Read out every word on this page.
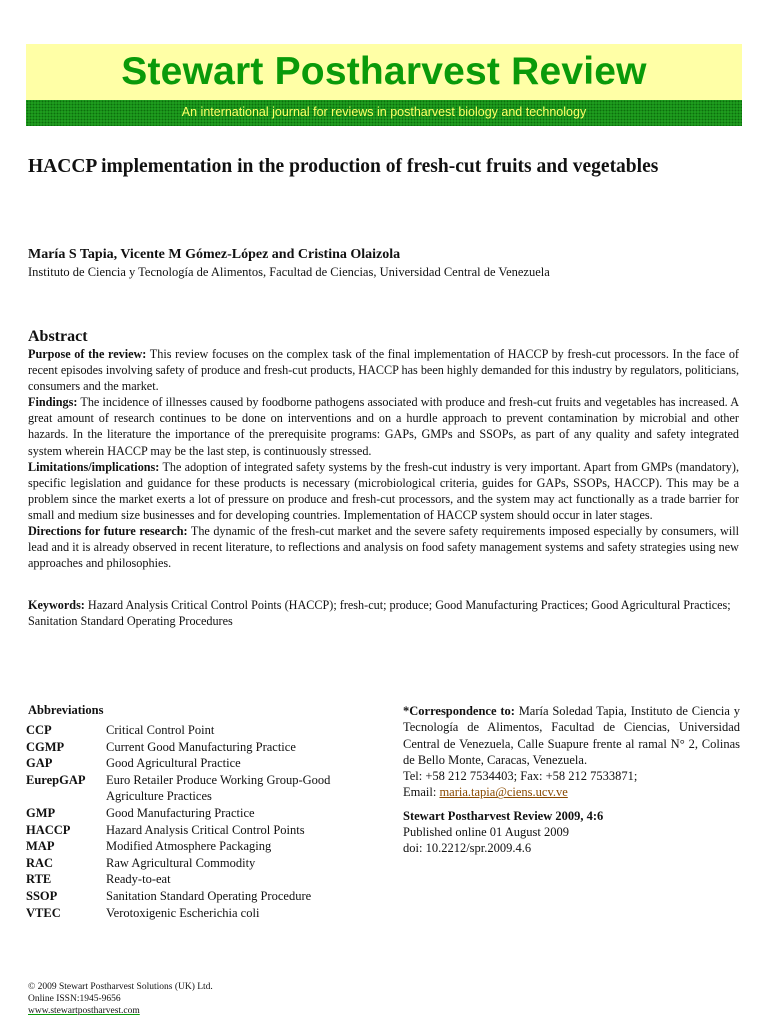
Stewart Postharvest Review
An international journal for reviews in postharvest biology and technology
HACCP implementation in the production of fresh-cut fruits and vegetables
María S Tapia, Vicente M Gómez-López and Cristina Olaizola
Instituto de Ciencia y Tecnología de Alimentos, Facultad de Ciencias, Universidad Central de Venezuela
Abstract

Purpose of the review: This review focuses on the complex task of the final implementation of HACCP by fresh-cut processors. In the face of recent episodes involving safety of produce and fresh-cut products, HACCP has been highly demanded for this industry by regulators, politicians, consumers and the market.

Findings: The incidence of illnesses caused by foodborne pathogens associated with produce and fresh-cut fruits and vegetables has increased. A great amount of research continues to be done on interventions and on a hurdle approach to prevent contamination by microbial and other hazards. In the literature the importance of the prerequisite programs: GAPs, GMPs and SSOPs, as part of any quality and safety integrated system wherein HACCP may be the last step, is continuously stressed.

Limitations/implications: The adoption of integrated safety systems by the fresh-cut industry is very important. Apart from GMPs (mandatory), specific legislation and guidance for these products is necessary (microbiological criteria, guides for GAPs, SSOPs, HACCP). This may be a problem since the market exerts a lot of pressure on produce and fresh-cut processors, and the system may act functionally as a trade barrier for small and medium size businesses and for developing countries. Implementation of HACCP system should occur in later stages.

Directions for future research: The dynamic of the fresh-cut market and the severe safety requirements imposed especially by consumers, will lead and it is already observed in recent literature, to reflections and analysis on food safety management systems and safety strategies using new approaches and philosophies.

Keywords: Hazard Analysis Critical Control Points (HACCP); fresh-cut; produce; Good Manufacturing Practices; Good Agricultural Practices; Sanitation Standard Operating Procedures
Abbreviations
CCP	Critical Control Point
CGMP	Current Good Manufacturing Practice
GAP	Good Agricultural Practice
EurepGAP	Euro Retailer Produce Working Group-Good Agriculture Practices
GMP	Good Manufacturing Practice
HACCP	Hazard Analysis Critical Control Points
MAP	Modified Atmosphere Packaging
RAC	Raw Agricultural Commodity
RTE	Ready-to-eat
SSOP	Sanitation Standard Operating Procedure
VTEC	Verotoxigenic Escherichia coli
*Correspondence to: María Soledad Tapia, Instituto de Ciencia y Tecnología de Alimentos, Facultad de Ciencias, Universidad Central de Venezuela, Calle Suapure frente al ramal N° 2, Colinas de Bello Monte, Caracas, Venezuela.
Tel: +58 212 7534403; Fax: +58 212 7533871;
Email: maria.tapia@ciens.ucv.ve
Stewart Postharvest Review 2009, 4:6
Published online 01 August 2009
doi: 10.2212/spr.2009.4.6
© 2009 Stewart Postharvest Solutions (UK) Ltd.
Online ISSN:1945-9656
www.stewartpostharvest.com
